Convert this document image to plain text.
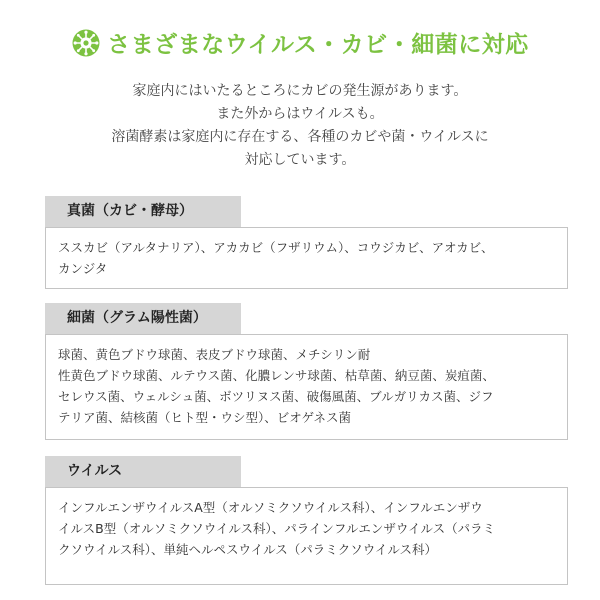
さまざまなウイルス・カビ・細菌に対応
家庭内にはいたるところにカビの発生源があります。
また外からはウイルスも。
溶菌酵素は家庭内に存在する、各種のカビや菌・ウイルスに
対応しています。
真菌（カビ・酵母）
ススカビ（アルタナリア）、アカカビ（フザリウム）、コウジカビ、アオカビ、
カンジタ
細菌（グラム陽性菌）
球菌、黄色ブドウ球菌、表皮ブドウ球菌、メチシリン耐
性黄色ブドウ球菌、ルテウス菌、化膿レンサ球菌、枯草菌、納豆菌、炭疽菌、
セレウス菌、ウェルシュ菌、ボツリヌス菌、破傷風菌、ブルガリカス菌、ジフ
テリア菌、結核菌（ヒト型・ウシ型）、ビオゲネス菌
ウイルス
インフルエンザウイルスA型（オルソミクソウイルス科）、インフルエンザウ
イルスB型（オルソミクソウイルス科）、パラインフルエンザウイルス（パラミ
クソウイルス科）、単純ヘルペスウイルス（パラミクソウイルス科）
